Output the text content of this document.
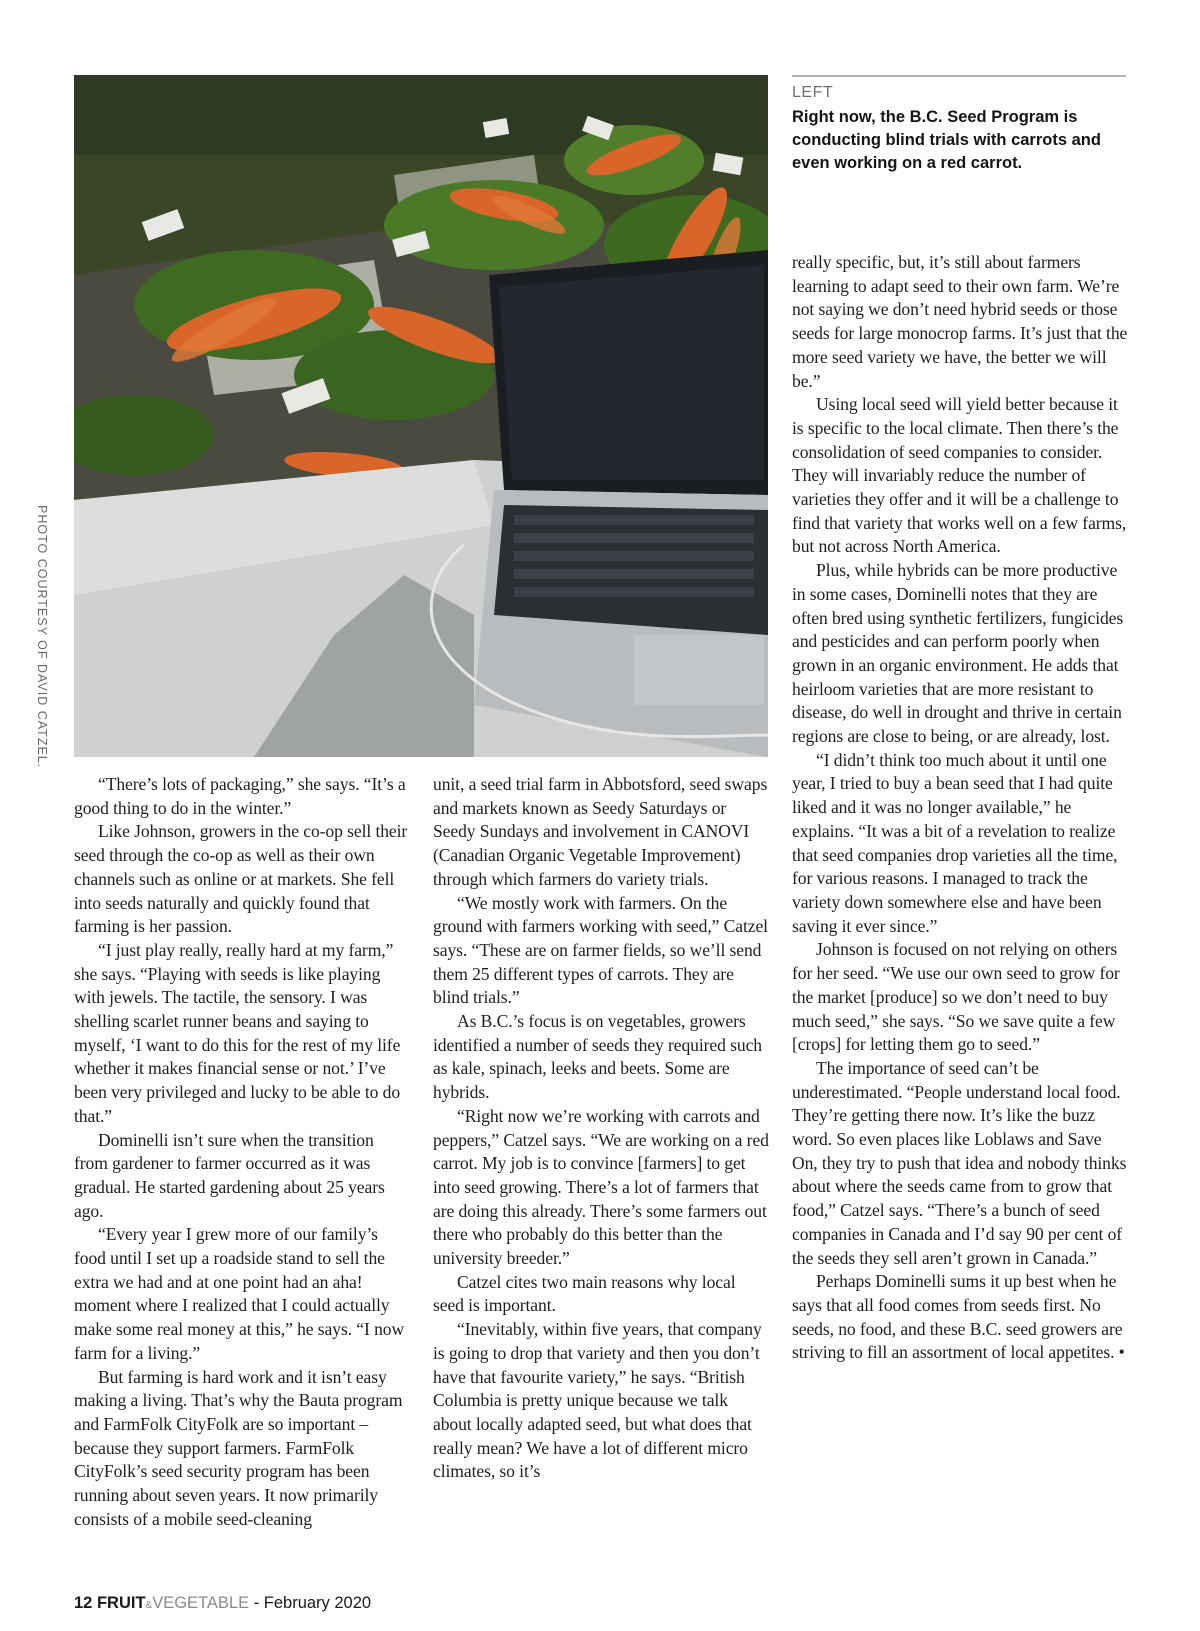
PHOTO COURTESY OF DAVID CATZEL.
LEFT
Right now, the B.C. Seed Program is conducting blind trials with carrots and even working on a red carrot.

“There’s lots of packaging,” she says. “It’s a good thing to do in the winter.”

Like Johnson, growers in the co-op sell their seed through the co-op as well as their own channels such as online or at markets. She fell into seeds naturally and quickly found that farming is her passion.

“I just play really, really hard at my farm,” she says. “Playing with seeds is like playing with jewels. The tactile, the sensory. I was shelling scarlet runner beans and saying to myself, ‘I want to do this for the rest of my life whether it makes financial sense or not.’ I’ve been very privileged and lucky to be able to do that.”

Dominelli isn’t sure when the transition from gardener to farmer occurred as it was gradual. He started gardening about 25 years ago.

“Every year I grew more of our family’s food until I set up a roadside stand to sell the extra we had and at one point had an aha! moment where I realized that I could actually make some real money at this,” he says. “I now farm for a living.”

But farming is hard work and it isn’t easy making a living. That’s why the Bauta program and FarmFolk CityFolk are so important – because they support farmers. FarmFolk CityFolk’s seed security program has been running about seven years. It now primarily consists of a mobile seed-cleaning

unit, a seed trial farm in Abbotsford, seed swaps and markets known as Seedy Saturdays or Seedy Sundays and involvement in CANOVI (Canadian Organic Vegetable Improvement) through which farmers do variety trials.

“We mostly work with farmers. On the ground with farmers working with seed,” Catzel says. “These are on farmer fields, so we’ll send them 25 different types of carrots. They are blind trials.”

As B.C.’s focus is on vegetables, growers identified a number of seeds they required such as kale, spinach, leeks and beets. Some are hybrids.

“Right now we’re working with carrots and peppers,” Catzel says. “We are working on a red carrot. My job is to convince [farmers] to get into seed growing. There’s a lot of farmers that are doing this already. There’s some farmers out there who probably do this better than the university breeder.”

Catzel cites two main reasons why local seed is important.

“Inevitably, within five years, that company is going to drop that variety and then you don’t have that favourite variety,” he says. “British Columbia is pretty unique because we talk about locally adapted seed, but what does that really mean? We have a lot of different micro climates, so it’s

really specific, but, it’s still about farmers learning to adapt seed to their own farm. We’re not saying we don’t need hybrid seeds or those seeds for large monocrop farms. It’s just that the more seed variety we have, the better we will be.”

Using local seed will yield better because it is specific to the local climate. Then there’s the consolidation of seed companies to consider. They will invariably reduce the number of varieties they offer and it will be a challenge to find that variety that works well on a few farms, but not across North America.

Plus, while hybrids can be more productive in some cases, Dominelli notes that they are often bred using synthetic fertilizers, fungicides and pesticides and can perform poorly when grown in an organic environment. He adds that heirloom varieties that are more resistant to disease, do well in drought and thrive in certain regions are close to being, or are already, lost.

“I didn’t think too much about it until one year, I tried to buy a bean seed that I had quite liked and it was no longer available,” he explains. “It was a bit of a revelation to realize that seed companies drop varieties all the time, for various reasons. I managed to track the variety down somewhere else and have been saving it ever since.”

Johnson is focused on not relying on others for her seed. “We use our own seed to grow for the market [produce] so we don’t need to buy much seed,” she says. “So we save quite a few [crops] for letting them go to seed.”

The importance of seed can’t be underestimated. “People understand local food. They’re getting there now. It’s like the buzz word. So even places like Loblaws and Save On, they try to push that idea and nobody thinks about where the seeds came from to grow that food,” Catzel says. “There’s a bunch of seed companies in Canada and I’d say 90 per cent of the seeds they sell aren’t grown in Canada.”

Perhaps Dominelli sums it up best when he says that all food comes from seeds first. No seeds, no food, and these B.C. seed growers are striving to fill an assortment of local appetites. •

12 FRUIT&VEGETABLE - February 2020
